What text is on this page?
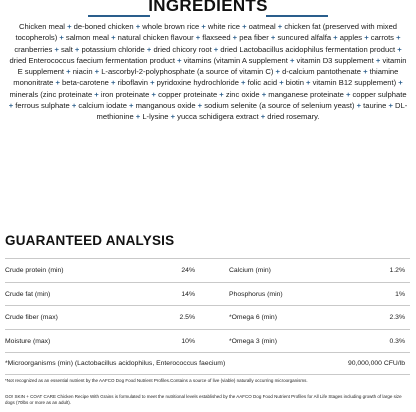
INGREDIENTS
Chicken meal + de-boned chicken + whole brown rice + white rice + oatmeal + chicken fat (preserved with mixed tocopherols) + salmon meal + natural chicken flavour + flaxseed + pea fiber + suncured alfalfa + apples + carrots + cranberries + salt + potassium chloride + dried chicory root + dried Lactobacillus acidophilus fermentation product + dried Enterococcus faecium fermentation product + vitamins (vitamin A supplement + vitamin D3 supplement + vitamin E supplement + niacin + L-ascorbyl-2-polyphosphate (a source of vitamin C) + d-calcium pantothenate + thiamine mononitrate + beta-carotene + riboflavin + pyridoxine hydrochloride + folic acid + biotin + vitamin B12 supplement) + minerals (zinc proteinate + iron proteinate + copper proteinate + zinc oxide + manganese proteinate + copper sulphate + ferrous sulphate + calcium iodate + manganous oxide + sodium selenite (a source of selenium yeast) + taurine + DL-methionine + L-lysine + yucca schidigera extract + dried rosemary.
GUARANTEED ANALYSIS
Crude protein (min)	24%	Calcium (min)	1.2%
Crude fat (min)	14%	Phosphorus (min)	1%
Crude fiber (max)	2.5%	*Omega 6 (min)	2.3%
Moisture (max)	10%	*Omega 3 (min)	0.3%
*Microorganisms (min) (Lactobacillus acidophilus, Enterococcus faecium)	90,000,000 CFU/lb
*Not recognized as an essential nutrient by the AAFCO Dog Food Nutrient Profiles.Contains a source of live (viable) naturally occurring microorganisms.
GO! SKIN + COAT CARE Chicken Recipe With Grains is formulated to meet the nutritional levels established by the AAFCO Dog Food Nutrient Profiles for All Life Stages including growth of large size dogs (70lbs or more as an adult).
